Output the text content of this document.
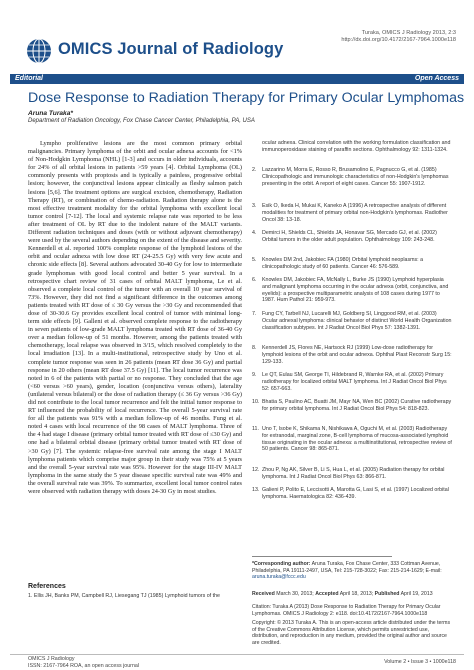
OMICS Journal of Radiology
Turaka, OMICS J Radiology 2013, 2:3
http://dx.doi.org/10.4172/2167-7964.1000e118
Editorial	Open Access
Dose Response to Radiation Therapy for Primary Ocular Lymphomas
Aruna Turaka*
Department of Radiation Oncology, Fox Chase Cancer Center, Philadelphia, PA, USA

Lympho proliferative lesions are the most common primary orbital malignancies. Primary lymphoma of the orbit and ocular adnexa accounts for <1% of Non-Hodgkin Lymphoma (NHL) [1-3] and occurs in older individuals, accounts for 24% of all orbital lesions in patients >59 years [4]. Orbital Lymphoma (OL) commonly presents with proptosis and is typically a painless, progressive orbital lesion; however, the conjunctival lesions appear clinically as fleshy salmon patch lesions [5,6]. The treatment options are surgical excision, chemotherapy, Radiation Therapy (RT), or combination of chemo-radiation. Radiation therapy alone is the most effective treatment modality for the orbital lymphoma with excellent local tumor control [7-12]. The local and systemic relapse rate was reported to be less after treatment of OL by RT due to the indolent nature of the MALT variants. Different radiation techniques and doses (with or without adjuvant chemotherapy) were used by the several authors depending on the extent of the disease and severity. Kennerdell et al. reported 100% complete response of the lymphoid lesions of the orbit and ocular adnexa with low dose RT (24-25.5 Gy) with very few acute and chronic side effects [8]. Several authors advocated 30-40 Gy for low to intermediate grade lymphomas with good local control and better 5 year survival. In a retrospective chart review of 31 cases of orbital MALT lymphoma, Le et al. observed a complete local control of the tumor with an overall 10 year survival of 73%. However, they did not find a significant difference in the outcomes among patients treated with RT dose of ≤ 30 Gy versus the >30 Gy and recommended that dose of 30-30.6 Gy provides excellent local control of tumor with minimal long-term side effects [9]. Galleni et al. observed complete response to the radiotherapy in seven patients of low-grade MALT lymphoma treated with RT dose of 36-40 Gy over a median follow-up of 51 months. However, among the patients treated with chemotherapy, local relapse was observed in 3/15, which resolved completely to the local irradiation [13]. In a multi-institutional, retrospective study by Uno et al. complete tumor response was seen in 26 patients (mean RT dose 36 Gy) and partial response in 20 others (mean RT dose 37.5 Gy) [11]. The local tumor recurrence was noted in 6 of the patients with partial or no response. They concluded that the age (<60 versus >60 years), gender, location (conjunctiva versus others), laterality (unilateral versus bilateral) or the dose of radiation therapy (≤ 36 Gy versus >36 Gy) did not contribute to the local tumor recurrence and felt the initial tumor response to RT influenced the probability of local recurrence. The overall 5-year survival rate for all the patients was 91% with a median follow-up of 46 months. Fung et al. noted 4 cases with local recurrence of the 98 cases of MALT lymphoma. Three of the 4 had stage I disease (primary orbital tumor treated with RT dose of ≤30 Gy) and one had a bilateral orbital disease (primary orbital tumor treated with RT dose of >30 Gy) [7]. The systemic relapse-free survival rate among the stage I MALT lymphoma patients which comprise major group in their study was 75% at 5 years and the overall 5-year survival rate was 95%. However for the stage III-IV MALT lymphoma in the same study the 5 year disease specific survival rate was 49% and the overall survival rate was 39%. To summarize, excellent local tumor control rates were observed with radiation therapy with doses 24-30 Gy in most studies.

References
1. Ellis JH, Banks PM, Campbell RJ, Liesegang TJ (1985) Lymphoid tumors of the
ocular adnexa. Clinical correlation with the working formulation classification and immunoperoxidase staining of paraffin sections. Ophthalmology 92: 1311-1324.
2. Lazzarino M, Morra E, Rosso R, Brusamolino E, Pagnucco G, et al. (1985) Clinicopathologic and immunologic characteristics of non-Hodgkin's lymphomas presenting in the orbit. A report of eight cases. Cancer 55: 1907-1912.
3. Esik O, Ikeda H, Mukai K, Kaneko A (1996) A retrospective analysis of different modalities for treatment of primary orbital non-Hodgkin's lymphomas. Radiother Oncol 38: 13-18.
4. Demirci H, Shields CL, Shields JA, Honavar SG, Mercado GJ, et al. (2002) Orbital tumors in the older adult population. Ophthalmology 109: 243-248.
5. Knowles DM 2nd, Jakobiec FA (1980) Orbital lymphoid neoplasms: a clinicopathologic study of 60 patients. Cancer 46: 576-589.
6. Knowles DM, Jakobiec FA, McNally L, Burke JS (1990) Lymphoid hyperplasia and malignant lymphoma occurring in the ocular adnexa (orbit, conjunctiva, and eyelids): a prospective multiparametric analysis of 108 cases during 1977 to 1987. Hum Pathol 21: 959-973.
7. Fung CY, Tarbell NJ, Lucarelli MJ, Goldberg SI, Linggood RM, et al. (2003) Ocular adnexal lymphoma: clinical behavior of distinct World Health Organization classification subtypes. Int J Radiat Oncol Biol Phys 57: 1382-1391.
8. Kennerdell JS, Flores NE, Hartsock RJ (1999) Low-dose radiotherapy for lymphoid lesions of the orbit and ocular adnexa. Ophthal Plast Reconstr Surg 15: 129-133.
9. Le QT, Eulau SM, George TI, Hildebrand R, Warnke RA, et al. (2002) Primary radiotherapy for localized orbital MALT lymphoma. Int J Radiat Oncol Biol Phys 52: 657-663.
10. Bhatia S, Paulino AC, Buatti JM, Mayr NA, Wen BC (2002) Curative radiotherapy for primary orbital lymphoma. Int J Radiat Oncol Biol Phys 54: 818-823.
11. Uno T, Isobe K, Shikama N, Nishikawa A, Oguchi M, et al. (2003) Radiotherapy for extranodal, marginal zone, B-cell lymphoma of mucosa-associated lymphoid tissue originating in the ocular adnexa: a multiinstitutional, retrospective review of 50 patients. Cancer 98: 865-871.
12. Zhou P, Ng AK, Silver B, Li S, Hua L, et al. (2005) Radiation therapy for orbital lymphoma. Int J Radiat Oncol Biol Phys 63: 866-871.
13. Galieni P, Polito E, Leccisotti A, Marotta G, Lasi S, et al. (1997) Localized orbital lymphoma. Haematologica 82: 436-439.
*Corresponding author: Aruna Turaka, Fox Chase Center, 333 Cottman Avenue, Philadelphia, PA 19111-2497, USA, Tel: 215-728-3022; Fax: 215-214-1629; E-mail: aruna.turaka@fccc.edu
Received March 30, 2013; Accepted April 18, 2013; Published April 19, 2013
Citation: Turaka A (2013) Dose Response to Radiation Therapy for Primary Ocular Lymphomas. OMICS J Radiology 2: e118. doi:10.4172/2167-7964.1000e118
Copyright: © 2013 Turaka A. This is an open-access article distributed under the terms of the Creative Commons Attribution License, which permits unrestricted use, distribution, and reproduction in any medium, provided the original author and source are credited.
OMICS J Radiology
ISSN: 2167-7964 ROA, an open access journal
Volume 2 • Issue 3 • 1000e118
